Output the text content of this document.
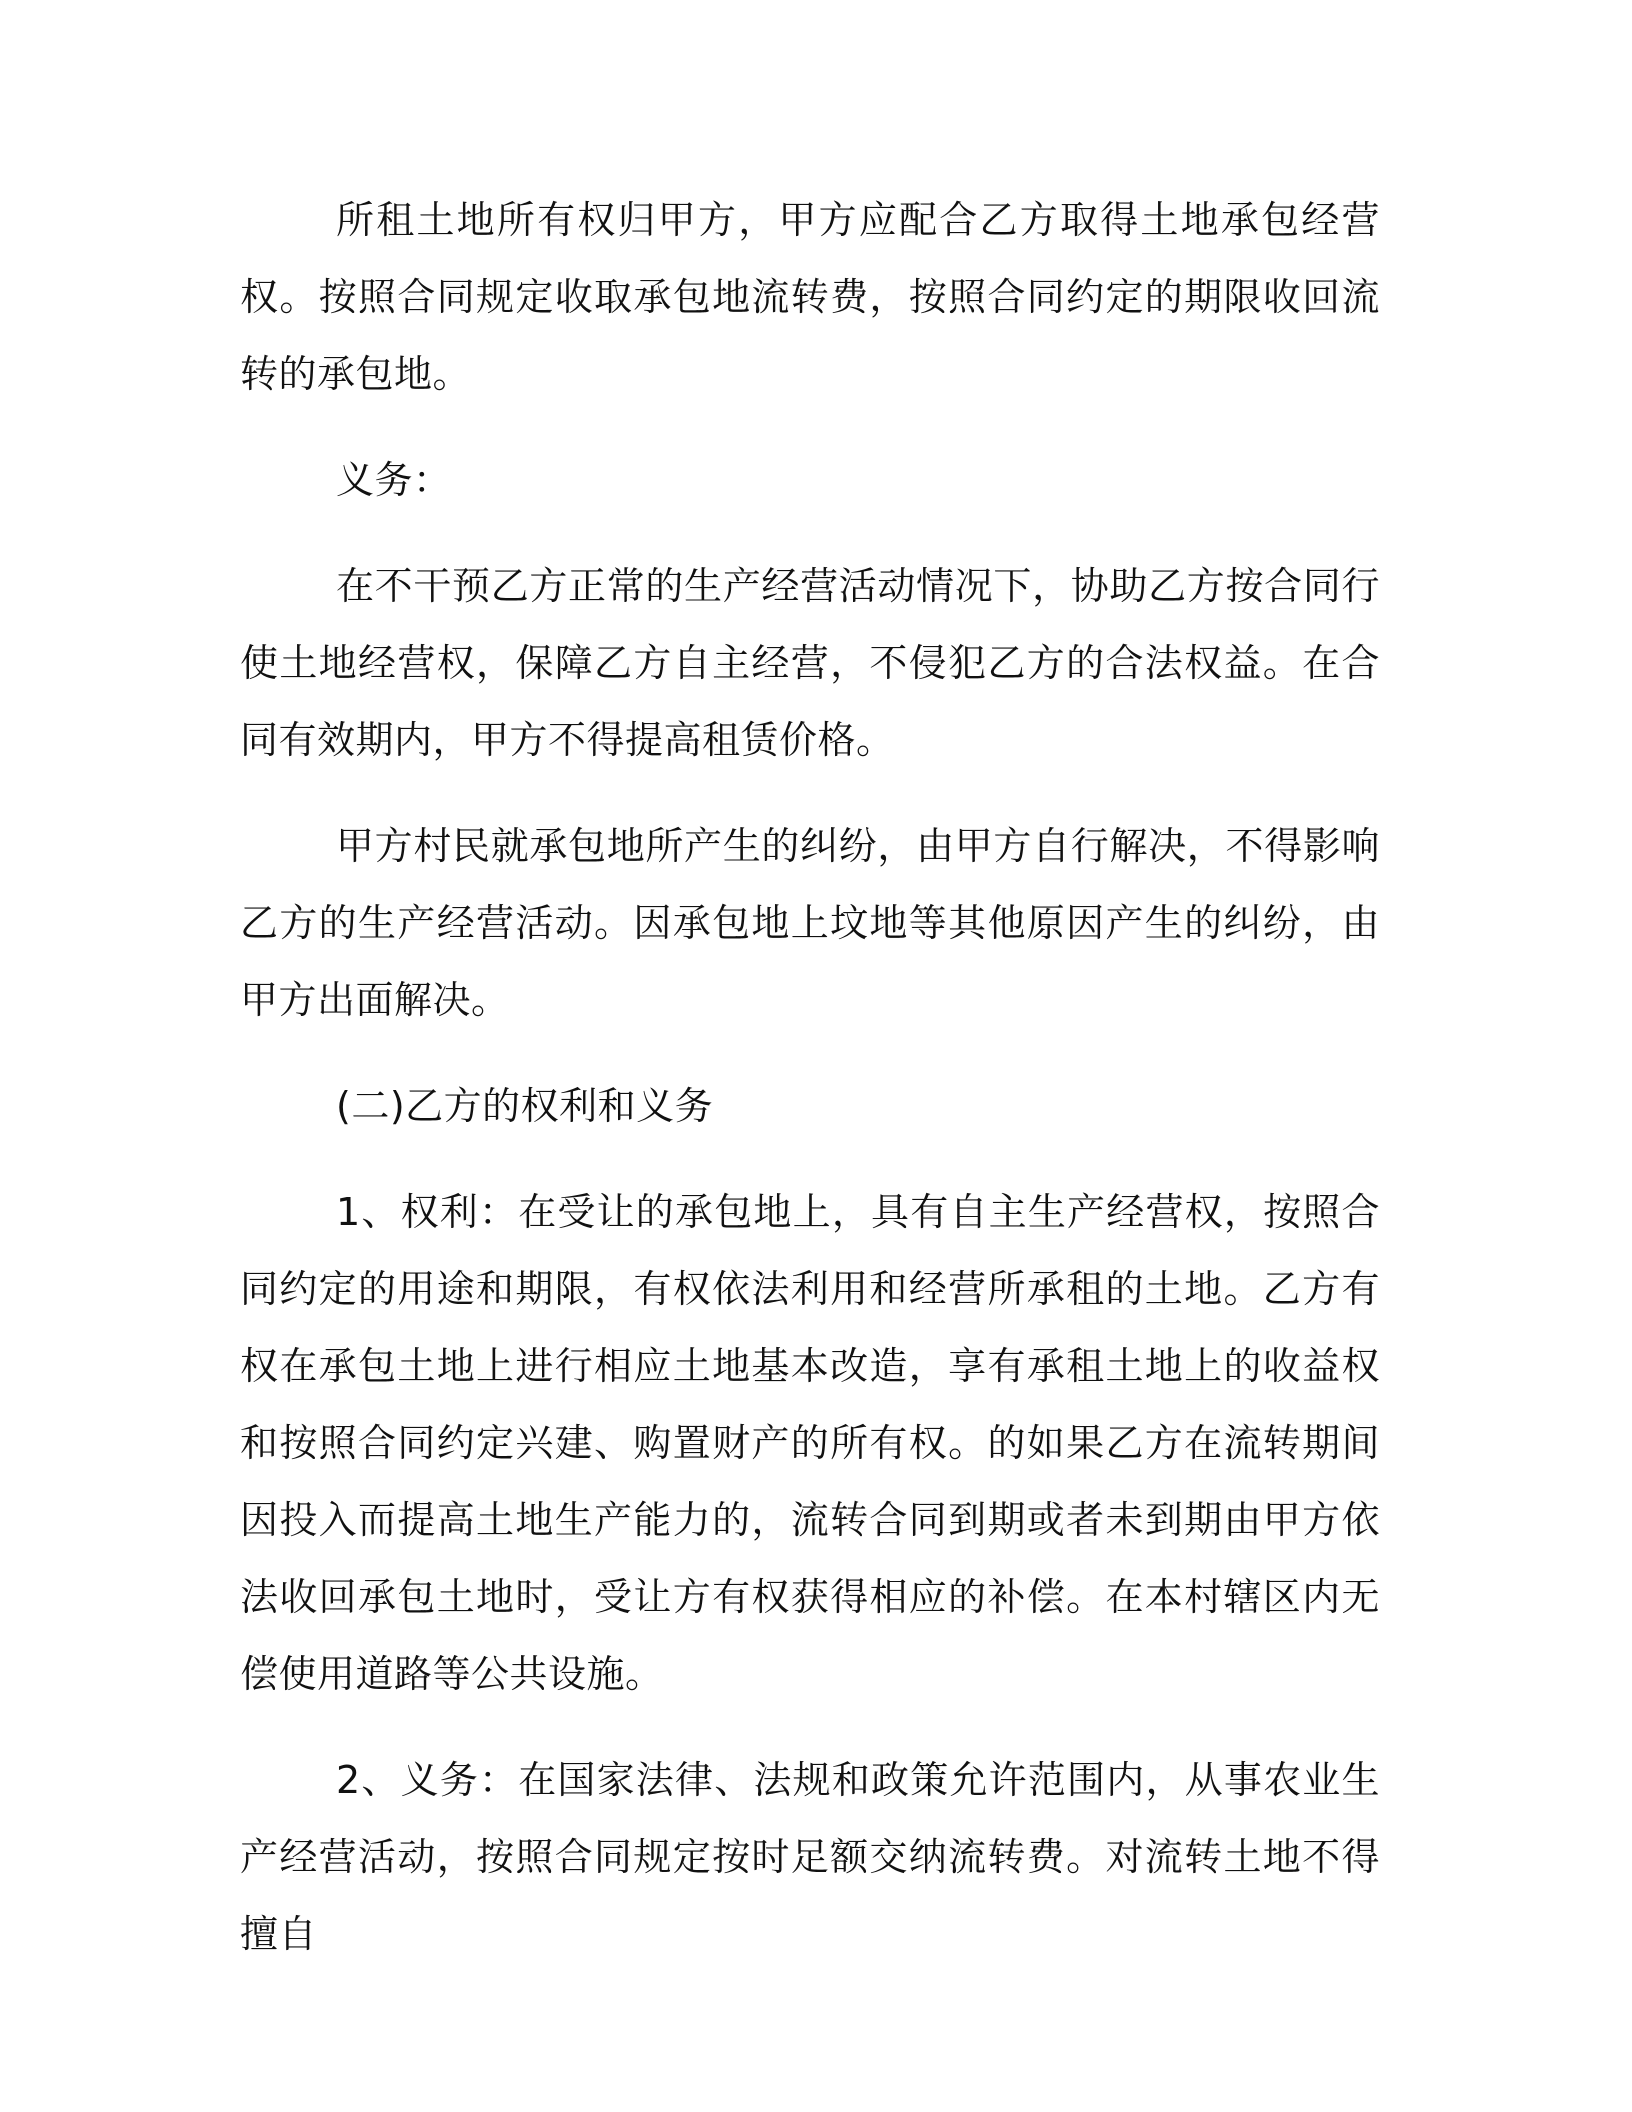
所租土地所有权归甲方，甲方应配合乙方取得土地承包经营权。按照合同规定收取承包地流转费，按照合同约定的期限收回流转的承包地。

义务：

在不干预乙方正常的生产经营活动情况下，协助乙方按合同行使土地经营权，保障乙方自主经营，不侵犯乙方的合法权益。在合同有效期内，甲方不得提高租赁价格。

甲方村民就承包地所产生的纠纷，由甲方自行解决，不得影响乙方的生产经营活动。因承包地上坟地等其他原因产生的纠纷，由甲方出面解决。

(二)乙方的权利和义务

1、权利：在受让的承包地上，具有自主生产经营权，按照合同约定的用途和期限，有权依法利用和经营所承租的土地。乙方有权在承包土地上进行相应土地基本改造，享有承租土地上的收益权和按照合同约定兴建、购置财产的所有权。的如果乙方在流转期间因投入而提高土地生产能力的，流转合同到期或者未到期由甲方依法收回承包土地时，受让方有权获得相应的补偿。在本村辖区内无偿使用道路等公共设施。

2、义务：在国家法律、法规和政策允许范围内，从事农业生产经营活动，按照合同规定按时足额交纳流转费。对流转土地不得擅自
